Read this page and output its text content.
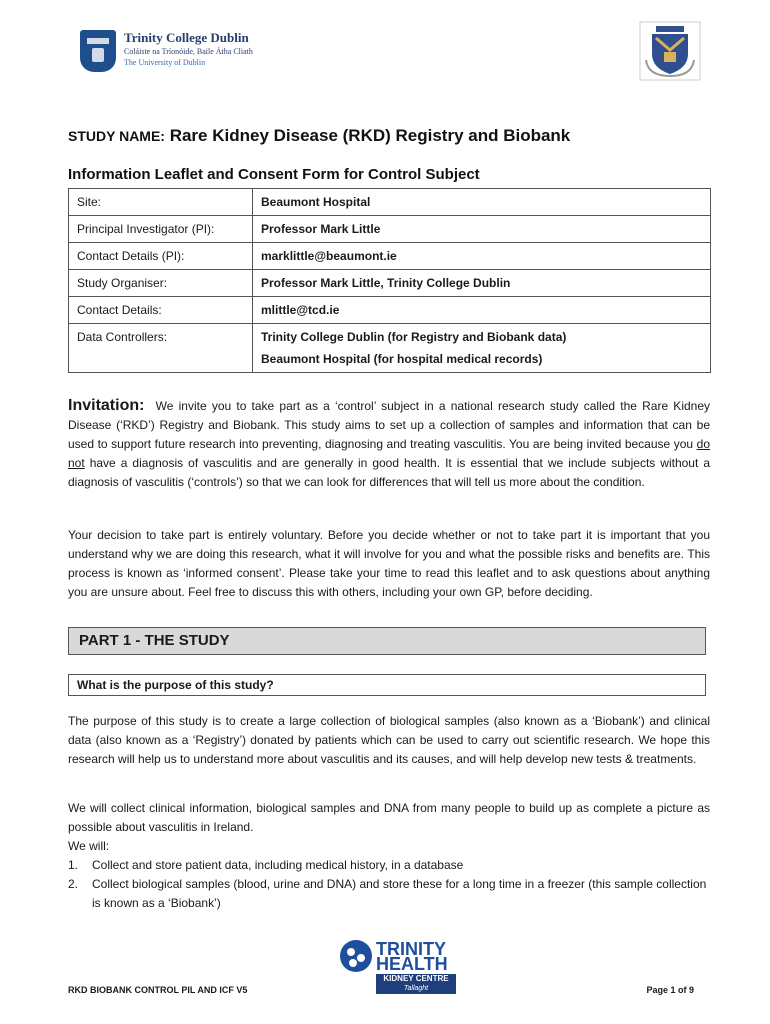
Trinity College Dublin
Coláiste na Tríonóide, Baile Átha Cliath
The University of Dublin
STUDY NAME: Rare Kidney Disease (RKD) Registry and Biobank
Information Leaflet and Consent Form for Control Subject
Site:	Beaumont Hospital
Principal Investigator (PI):	Professor Mark Little
Contact Details (PI):	marklittle@beaumont.ie
Study Organiser:	Professor Mark Little, Trinity College Dublin
Contact Details:	mlittle@tcd.ie
Data Controllers:	Trinity College Dublin (for Registry and Biobank data)
Beaumont Hospital (for hospital medical records)
Invitation: We invite you to take part as a ‘control’ subject in a national research study called the Rare Kidney Disease (‘RKD’) Registry and Biobank. This study aims to set up a collection of samples and information that can be used to support future research into preventing, diagnosing and treating vasculitis. You are being invited because you do not have a diagnosis of vasculitis and are generally in good health. It is essential that we include subjects without a diagnosis of vasculitis (‘controls’) so that we can look for differences that will tell us more about the condition.
Your decision to take part is entirely voluntary. Before you decide whether or not to take part it is important that you understand why we are doing this research, what it will involve for you and what the possible risks and benefits are. This process is known as ‘informed consent’. Please take your time to read this leaflet and to ask questions about anything you are unsure about. Feel free to discuss this with others, including your own GP, before deciding.
PART 1 - THE STUDY
What is the purpose of this study?
The purpose of this study is to create a large collection of biological samples (also known as a ‘Biobank’) and clinical data (also known as a ‘Registry’) donated by patients which can be used to carry out scientific research. We hope this research will help us to understand more about vasculitis and its causes, and will help develop new tests & treatments.
We will collect clinical information, biological samples and DNA from many people to build up as complete a picture as possible about vasculitis in Ireland.
We will:
1. Collect and store patient data, including medical history, in a database
2. Collect biological samples (blood, urine and DNA) and store these for a long time in a freezer (this sample collection is known as a ‘Biobank’)
TRINITY
HEALTH
KIDNEY CENTRE
Tallaght
RKD BIOBANK CONTROL PIL AND ICF V5	Page 1 of 9
